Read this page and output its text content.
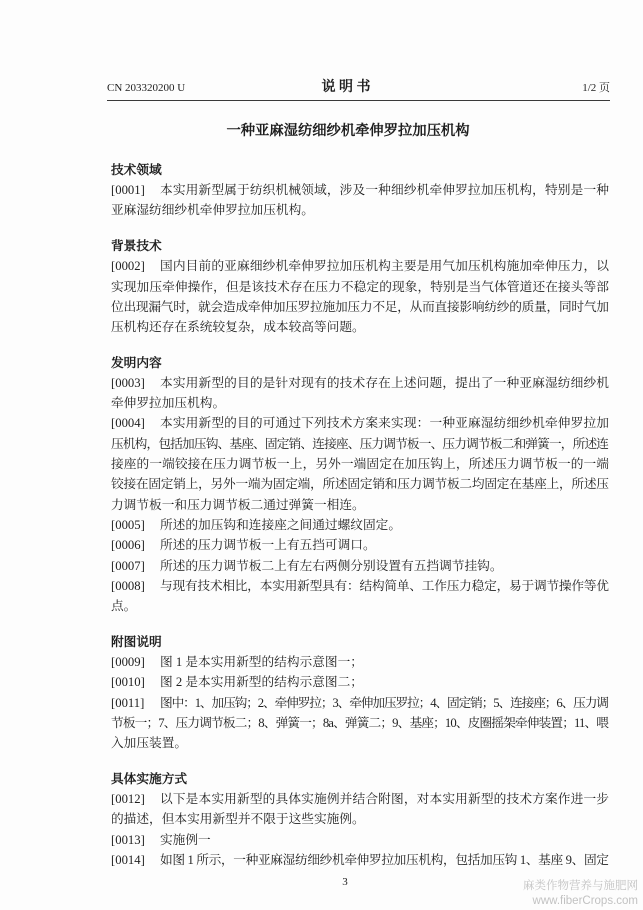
CN 203320200 U	说 明 书	1/2 页
一种亚麻湿纺细纱机牵伸罗拉加压机构
技术领域
[0001] 本实用新型属于纺织机械领域，涉及一种细纱机牵伸罗拉加压机构，特别是一种
亚麻湿纺细纱机牵伸罗拉加压机构。
背景技术
[0002] 国内目前的亚麻细纱机牵伸罗拉加压机构主要是用气加压机构施加牵伸压力，以
实现加压牵伸操作，但是该技术存在压力不稳定的现象，特别是当气体管道还在接头等部
位出现漏气时，就会造成牵伸加压罗拉施加压力不足，从而直接影响纺纱的质量，同时气加
压机构还存在系统较复杂，成本较高等问题。
发明内容
[0003] 本实用新型的目的是针对现有的技术存在上述问题，提出了一种亚麻湿纺细纱机
牵伸罗拉加压机构。
[0004] 本实用新型的目的可通过下列技术方案来实现：一种亚麻湿纺细纱机牵伸罗拉加
压机构，包括加压钩、基座、固定销、连接座、压力调节板一、压力调节板二和弹簧一，所述连
接座的一端铰接在压力调节板一上，另外一端固定在加压钩上，所述压力调节板一的一端
铰接在固定销上，另外一端为固定端，所述固定销和压力调节板二均固定在基座上，所述压
力调节板一和压力调节板二通过弹簧一相连。
[0005] 所述的加压钩和连接座之间通过螺纹固定。
[0006] 所述的压力调节板一上有五挡可调口。
[0007] 所述的压力调节板二上有左右两侧分别设置有五挡调节挂钩。
[0008] 与现有技术相比，本实用新型具有：结构简单、工作压力稳定，易于调节操作等优
点。
附图说明
[0009] 图 1 是本实用新型的结构示意图一；
[0010] 图 2 是本实用新型的结构示意图二；
[0011] 图中：1、加压钩；2、牵伸罗拉；3、牵伸加压罗拉；4、固定销；5、连接座；6、压力调
节板一；7、压力调节板二；8、弹簧一；8a、弹簧二；9、基座；10、皮圈摇架牵伸装置；11、喂
入加压装置。
具体实施方式
[0012] 以下是本实用新型的具体实施例并结合附图，对本实用新型的技术方案作进一步
的描述，但本实用新型并不限于这些实施例。
[0013] 实施例一
[0014] 如图 1 所示，一种亚麻湿纺细纱机牵伸罗拉加压机构，包括加压钩 1、基座 9、固定
3	麻类作物营养与施肥网
www.fiberCrops.com
